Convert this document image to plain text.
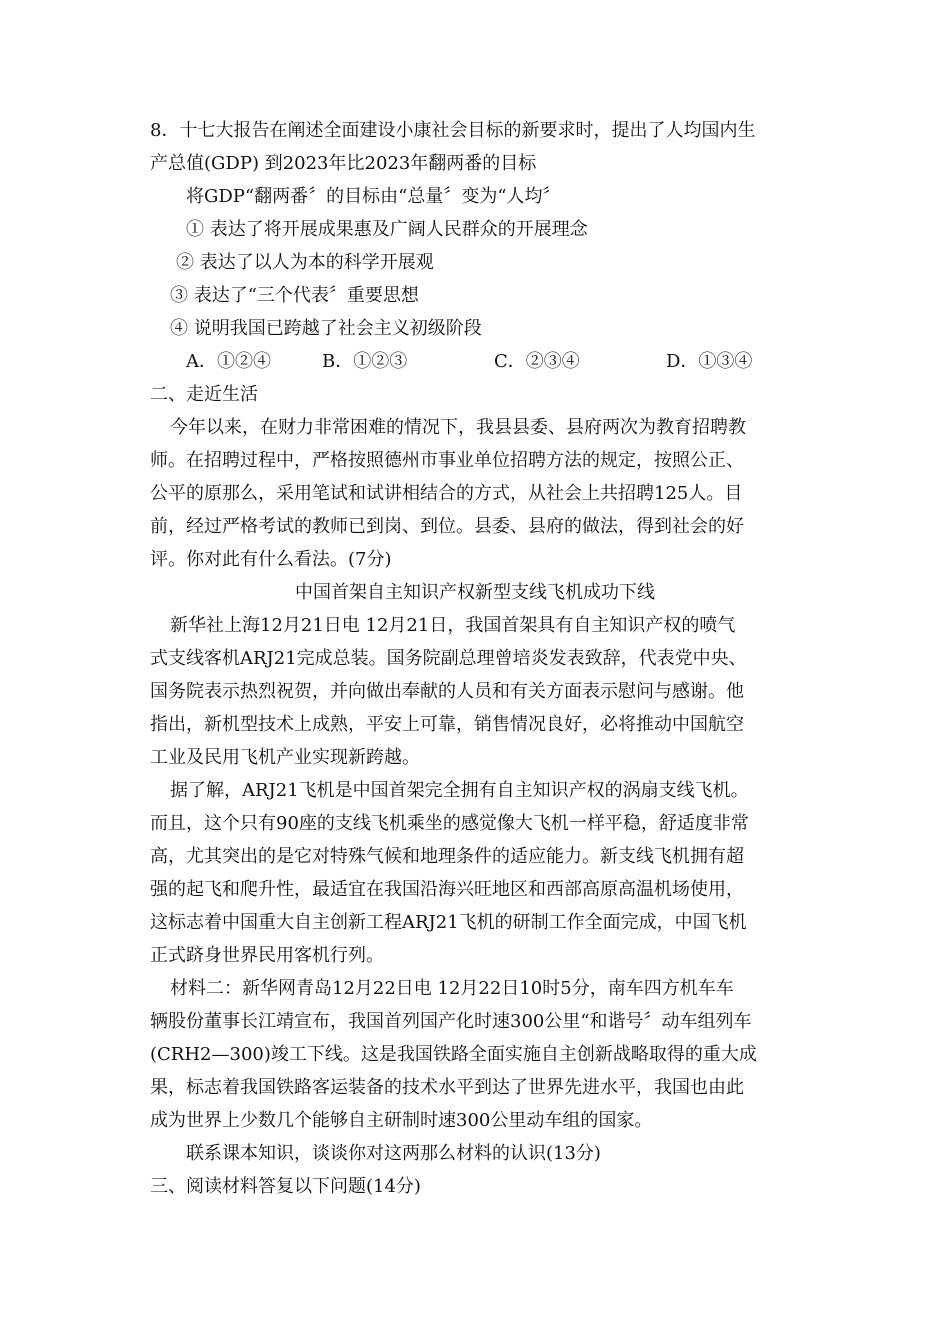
8．十七大报告在阐述全面建设小康社会目标的新要求时，提出了人均国内生
产总值(GDP) 到2023年比2023年翻两番的目标
将GDP“翻两番〞的目标由“总量〞变为“人均〞
① 表达了将开展成果惠及广阔人民群众的开展理念
② 表达了以人为本的科学开展观
③ 表达了“三个代表〞重要思想
④ 说明我国已跨越了社会主义初级阶段
A．①②④	B．①②③	C．②③④	D．①③④
二、走近生活
今年以来，在财力非常困难的情况下，我县县委、县府两次为教育招聘教
师。在招聘过程中，严格按照德州市事业单位招聘方法的规定，按照公正、
公平的原那么，采用笔试和试讲相结合的方式，从社会上共招聘125人。目
前，经过严格考试的教师已到岗、到位。县委、县府的做法，得到社会的好
评。你对此有什么看法。(7分)
中国首架自主知识产权新型支线飞机成功下线
新华社上海12月21日电 12月21日，我国首架具有自主知识产权的喷气
式支线客机ARJ21完成总装。国务院副总理曾培炎发表致辞，代表党中央、
国务院表示热烈祝贺，并向做出奉献的人员和有关方面表示慰问与感谢。他
指出，新机型技术上成熟，平安上可靠，销售情况良好，必将推动中国航空
工业及民用飞机产业实现新跨越。
据了解，ARJ21飞机是中国首架完全拥有自主知识产权的涡扇支线飞机。
而且，这个只有90座的支线飞机乘坐的感觉像大飞机一样平稳，舒适度非常
高，尤其突出的是它对特殊气候和地理条件的适应能力。新支线飞机拥有超
强的起飞和爬升性，最适宜在我国沿海兴旺地区和西部高原高温机场使用，
这标志着中国重大自主创新工程ARJ21飞机的研制工作全面完成，中国飞机
正式跻身世界民用客机行列。
材料二：新华网青岛12月22日电 12月22日10时5分，南车四方机车车
辆股份董事长江靖宣布，我国首列国产化时速300公里“和谐号〞动车组列车
(CRH2—300)竣工下线。这是我国铁路全面实施自主创新战略取得的重大成
果，标志着我国铁路客运装备的技术水平到达了世界先进水平，我国也由此
成为世界上少数几个能够自主研制时速300公里动车组的国家。
联系课本知识，谈谈你对这两那么材料的认识(13分)
三、阅读材料答复以下问题(14分)
